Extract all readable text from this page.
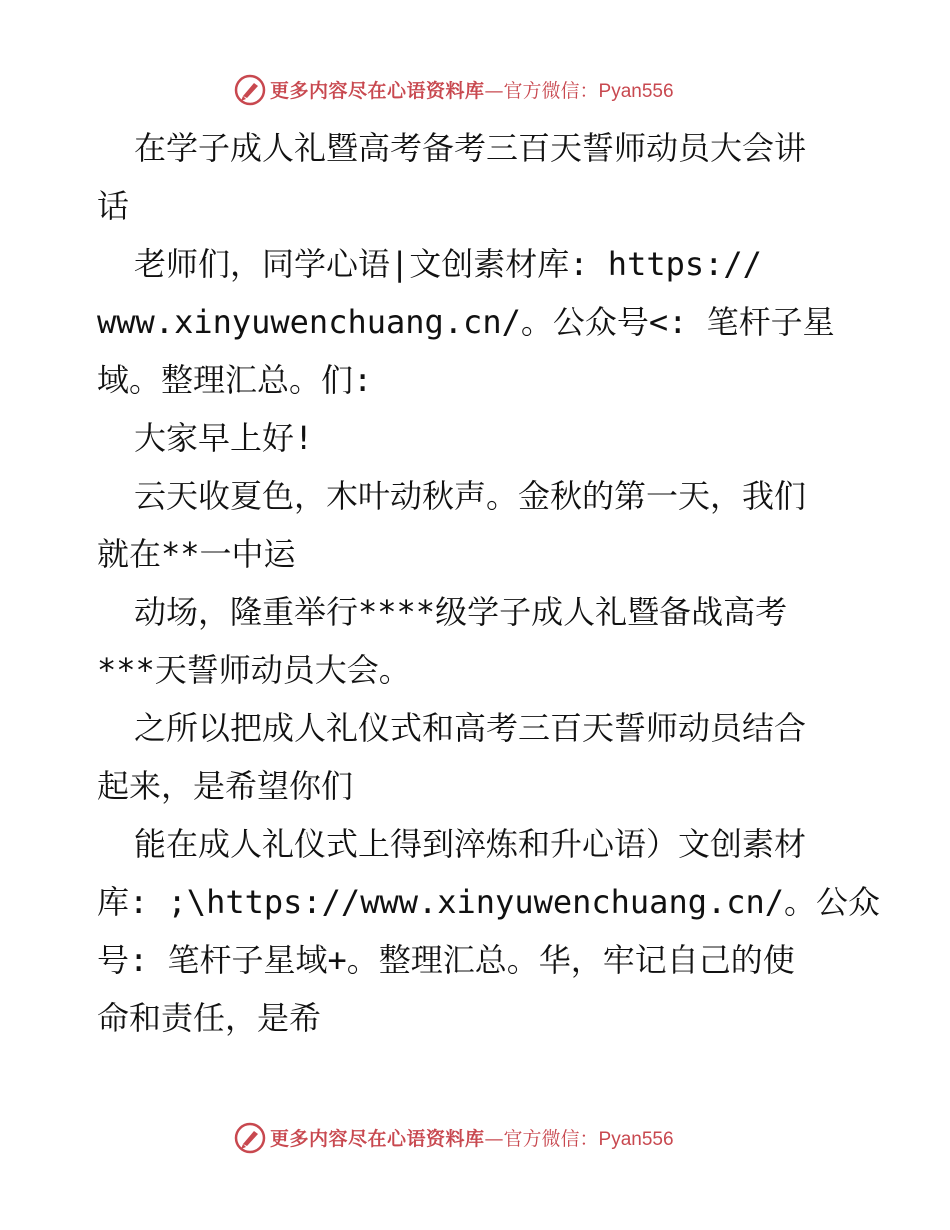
更多内容尽在心语资料库—官方微信：Pyan556
在学子成人礼暨高考备考三百天誓师动员大会讲
话
老师们，同学心语|文创素材库: https://
www.xinyuwenchuang.cn/。公众号<: 笔杆子星
域。整理汇总。们:
大家早上好!
云天收夏色，木叶动秋声。金秋的第一天，我们
就在**一中运
动场，隆重举行****级学子成人礼暨备战高考
***天誓师动员大会。
之所以把成人礼仪式和高考三百天誓师动员结合
起来，是希望你们
能在成人礼仪式上得到淬炼和升心语）文创素材
库: ;\https://www.xinyuwenchuang.cn/。公众
号: 笔杆子星域+。整理汇总。华，牢记自己的使
命和责任，是希
更多内容尽在心语资料库—官方微信：Pyan556
